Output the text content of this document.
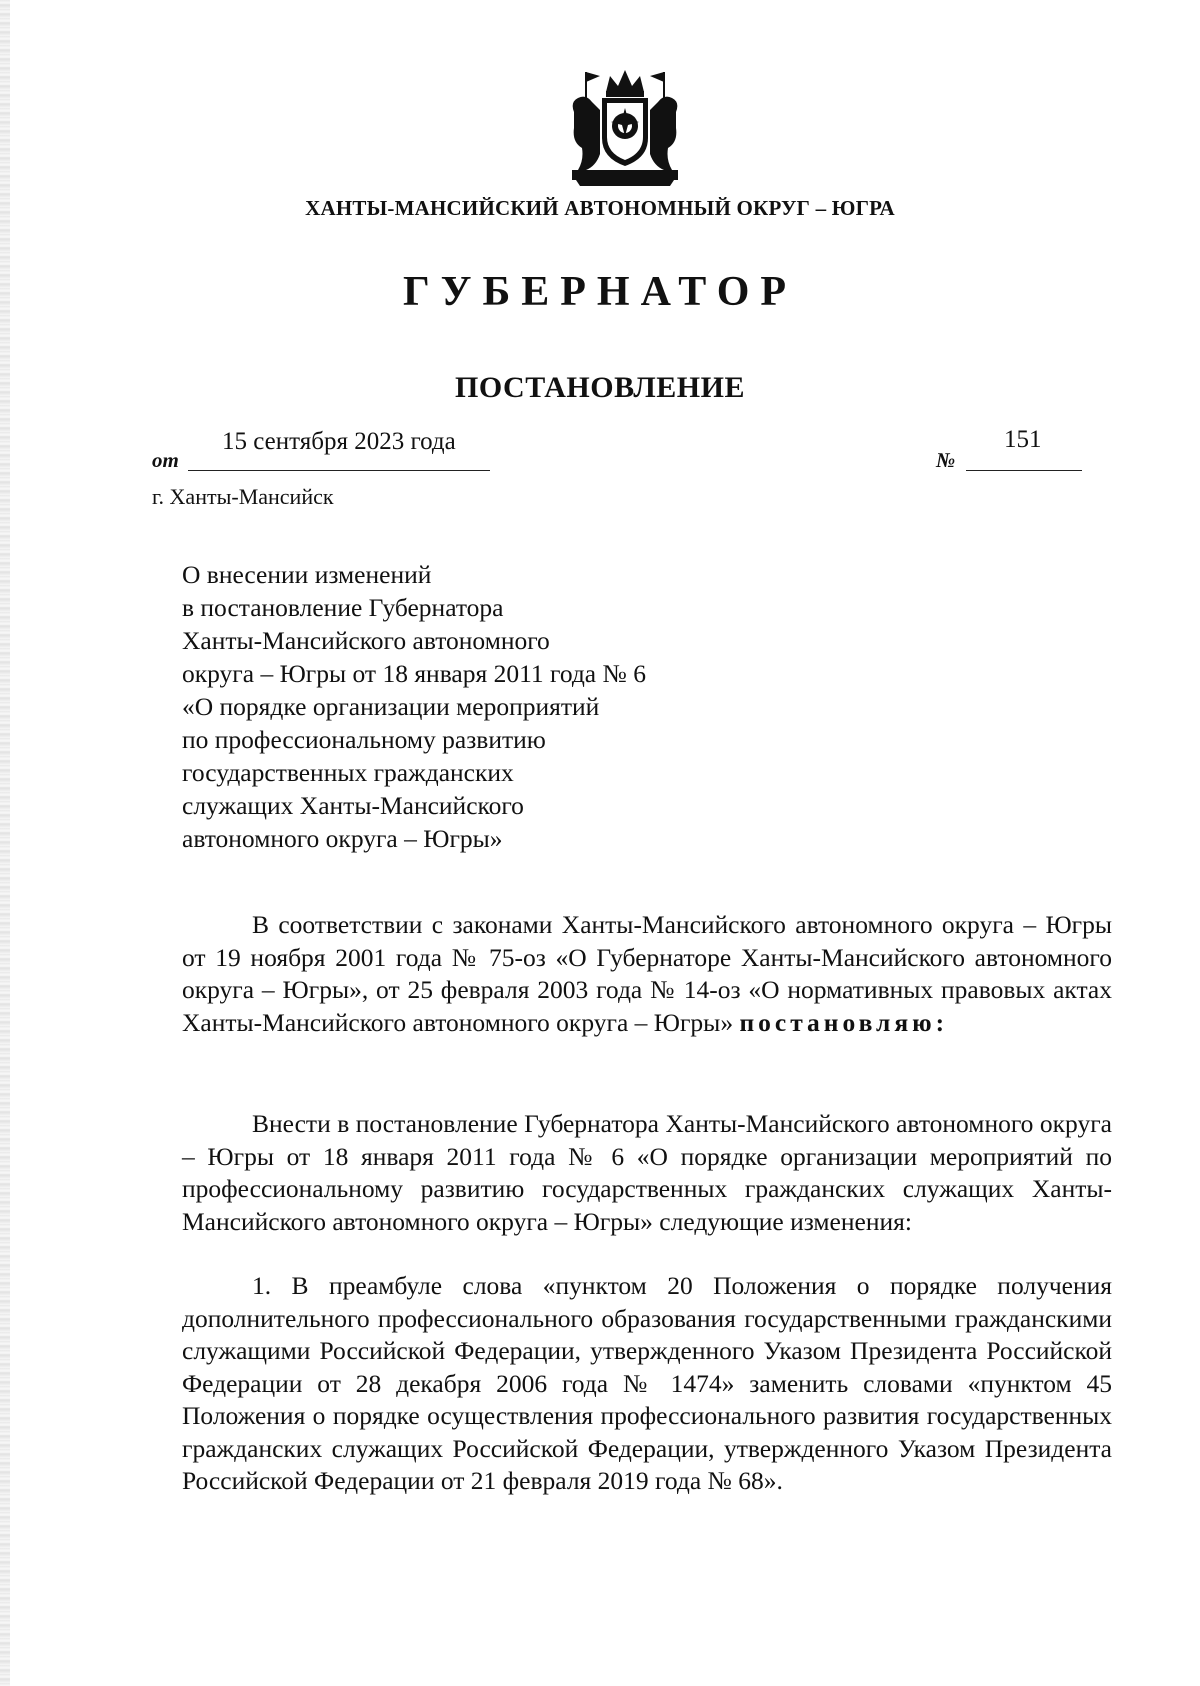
ХАНТЫ-МАНСИЙСКИЙ АВТОНОМНЫЙ ОКРУГ – ЮГРА
ГУБЕРНАТОР
ПОСТАНОВЛЕНИЕ
от
15 сентября 2023 года
№
151
г. Ханты-Мансийск
О внесении изменений
в постановление Губернатора
Ханты-Мансийского автономного
округа – Югры от 18 января 2011 года № 6
«О порядке организации мероприятий
по профессиональному развитию
государственных гражданских
служащих Ханты-Мансийского
автономного округа – Югры»

В соответствии с законами Ханты-Мансийского автономного округа – Югры от 19 ноября 2001 года № 75-оз «О Губернаторе Ханты-Мансийского автономного округа – Югры», от 25 февраля 2003 года № 14-оз «О нормативных правовых актах Ханты-Мансийского автономного округа – Югры» постановляю:

Внести в постановление Губернатора Ханты-Мансийского автономного округа – Югры от 18 января 2011 года № 6 «О порядке организации мероприятий по профессиональному развитию государственных гражданских служащих Ханты-Мансийского автономного округа – Югры» следующие изменения:

1. В преамбуле слова «пунктом 20 Положения о порядке получения дополнительного профессионального образования государственными гражданскими служащими Российской Федерации, утвержденного Указом Президента Российской Федерации от 28 декабря 2006 года № 1474» заменить словами «пунктом 45 Положения о порядке осуществления профессионального развития государственных гражданских служащих Российской Федерации, утвержденного Указом Президента Российской Федерации от 21 февраля 2019 года № 68».
